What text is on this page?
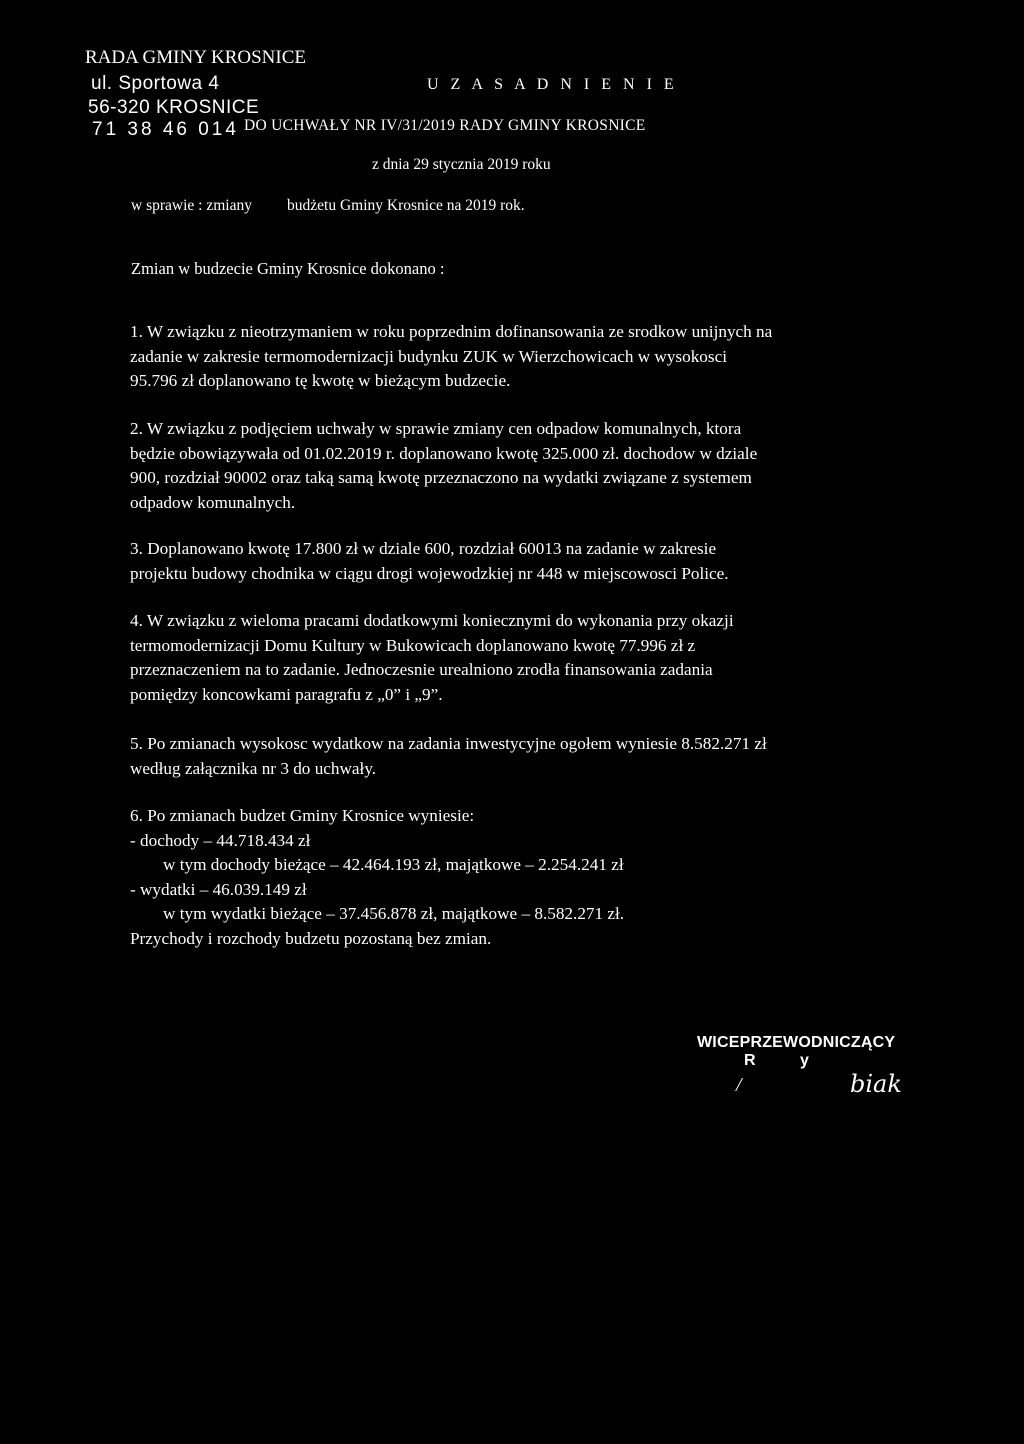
RADA GMINY KROSNICE
ul. Sportowa 4
56-320 KROSNICE
71 38 46 014
U Z A S A D N I E N I E
DO UCHWAŁY NR IV/31/2019 RADY GMINY KROSNICE
z dnia 29 stycznia 2019 roku
w sprawie : zmiany budżetu Gminy Krosnice na 2019 rok.
Zmian w budzecie Gminy Krosnice dokonano :

1. W związku z nieotrzymaniem w roku poprzednim dofinansowania ze srodkow unijnych na

zadanie w zakresie termomodernizacji budynku ZUK w Wierzchowicach w wysokosci

95.796 zł doplanowano tę kwotę w bieżącym budzecie.

2. W związku z podjęciem uchwały w sprawie zmiany cen odpadow komunalnych, ktora

będzie obowiązywała od 01.02.2019 r. doplanowano kwotę 325.000 zł. dochodow w dziale

900, rozdział 90002 oraz taką samą kwotę przeznaczono na wydatki związane z systemem

odpadow komunalnych.

3. Doplanowano kwotę 17.800 zł w dziale 600, rozdział 60013 na zadanie w zakresie

projektu budowy chodnika w ciągu drogi wojewodzkiej nr 448 w miejscowosci Police.

4. W związku z wieloma pracami dodatkowymi koniecznymi do wykonania przy okazji

termomodernizacji Domu Kultury w Bukowicach doplanowano kwotę 77.996 zł z

przeznaczeniem na to zadanie. Jednoczesnie urealniono zrodła finansowania zadania

pomiędzy koncowkami paragrafu z „0” i „9”.

5. Po zmianach wysokosc wydatkow na zadania inwestycyjne ogołem wyniesie 8.582.271 zł

według załącznika nr 3 do uchwały.

6. Po zmianach budzet Gminy Krosnice wyniesie:

- dochody – 44.718.434 zł

w tym dochody bieżące – 42.464.193 zł, majątkowe – 2.254.241 zł

- wydatki – 46.039.149 zł

w tym wydatki bieżące – 37.456.878 zł, majątkowe – 8.582.271 zł.

Przychody i rozchody budzetu pozostaną bez zmian.

WICEPRZEWODNICZĄCY
R          y
/	biak
